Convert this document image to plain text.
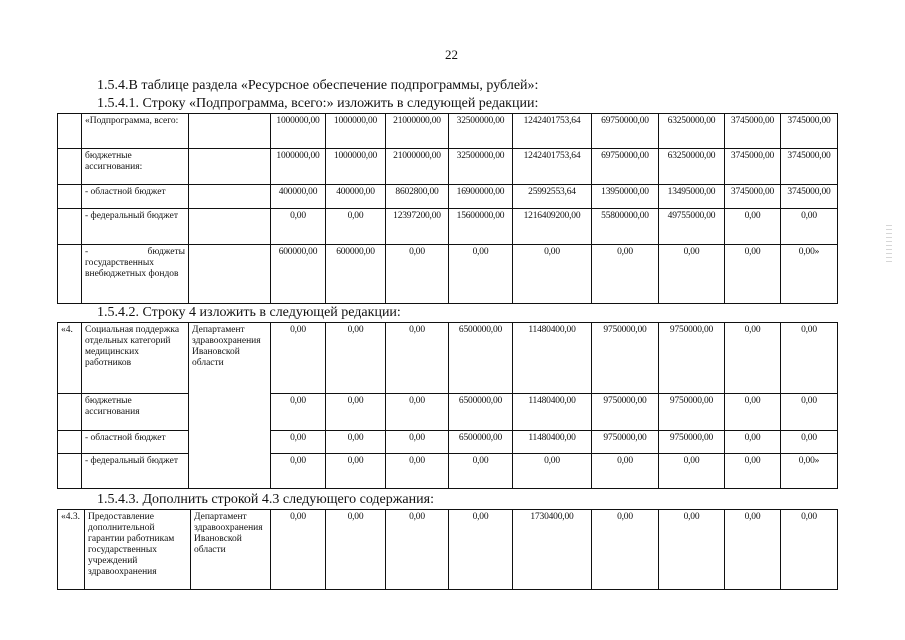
22
1.5.4.В таблице раздела «Ресурсное обеспечение подпрограммы, рублей»:
1.5.4.1. Строку «Подпрограмма, всего:» изложить в следующей редакции:
	«Подпрограмма, всего:		1000000,00	1000000,00	21000000,00	32500000,00	1242401753,64	69750000,00	63250000,00	3745000,00	3745000,00
	бюджетные ассигнования:		1000000,00	1000000,00	21000000,00	32500000,00	1242401753,64	69750000,00	63250000,00	3745000,00	3745000,00
	- областной бюджет		400000,00	400000,00	8602800,00	16900000,00	25992553,64	13950000,00	13495000,00	3745000,00	3745000,00
	- федеральный бюджет		0,00	0,00	12397200,00	15600000,00	1216409200,00	55800000,00	49755000,00	0,00	0,00
	- бюджеты государственных внебюджетных фондов		600000,00	600000,00	0,00	0,00	0,00	0,00	0,00	0,00	0,00»
1.5.4.2. Строку 4 изложить в следующей редакции:
«4.	Социальная поддержка отдельных категорий медицинских работников	Департамент здравоохранения Ивановской области	0,00	0,00	0,00	6500000,00	11480400,00	9750000,00	9750000,00	0,00	0,00
	бюджетные ассигнования		0,00	0,00	0,00	6500000,00	11480400,00	9750000,00	9750000,00	0,00	0,00
	- областной бюджет		0,00	0,00	0,00	6500000,00	11480400,00	9750000,00	9750000,00	0,00	0,00
	- федеральный бюджет		0,00	0,00	0,00	0,00	0,00	0,00	0,00	0,00	0,00»
1.5.4.3. Дополнить строкой 4.3 следующего содержания:
«4.3.	Предоставление дополнительной гарантии работникам государственных учреждений здравоохранения	Департамент здравоохранения Ивановской области	0,00	0,00	0,00	0,00	1730400,00	0,00	0,00	0,00	0,00
